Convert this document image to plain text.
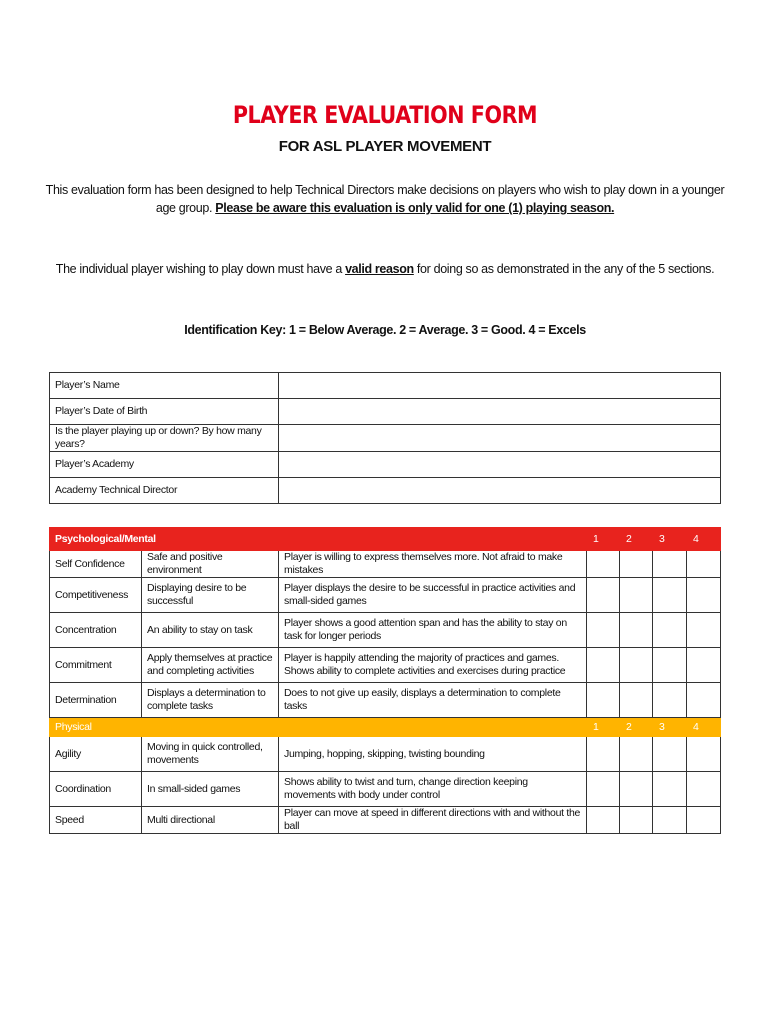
PLAYER EVALUATION FORM
FOR ASL PLAYER MOVEMENT
This evaluation form has been designed to help Technical Directors make decisions on players who wish to play down in a younger age group. Please be aware this evaluation is only valid for one (1) playing season.
The individual player wishing to play down must have a valid reason for doing so as demonstrated in the any of the 5 sections.
Identification Key: 1 = Below Average. 2 = Average. 3 = Good. 4 = Excels
Player’s Name	
Player’s Date of Birth	
Is the player playing up or down? By how many years?	
Player’s Academy	
Academy Technical Director	
Psychological/Mental			1	2	3	4
Self Confidence	Safe and positive environment	Player is willing to express themselves more. Not afraid to make mistakes				
Competitiveness	Displaying desire to be successful	Player displays the desire to be successful in practice activities and small-sided games				
Concentration	An ability to stay on task	Player shows a good attention span and has the ability to stay on task for longer periods				
Commitment	Apply themselves at practice and completing activities	Player is happily attending the majority of practices and games. Shows ability to complete activities and exercises during practice				
Determination	Displays a determination to complete tasks	Does to not give up easily, displays a determination to complete tasks				
Physical			1	2	3	4
Agility	Moving in quick controlled, movements	Jumping, hopping, skipping, twisting bounding				
Coordination	In small-sided games	Shows ability to twist and turn, change direction keeping movements with body under control				
Speed	Multi directional	Player can move at speed in different directions with and without the ball				
